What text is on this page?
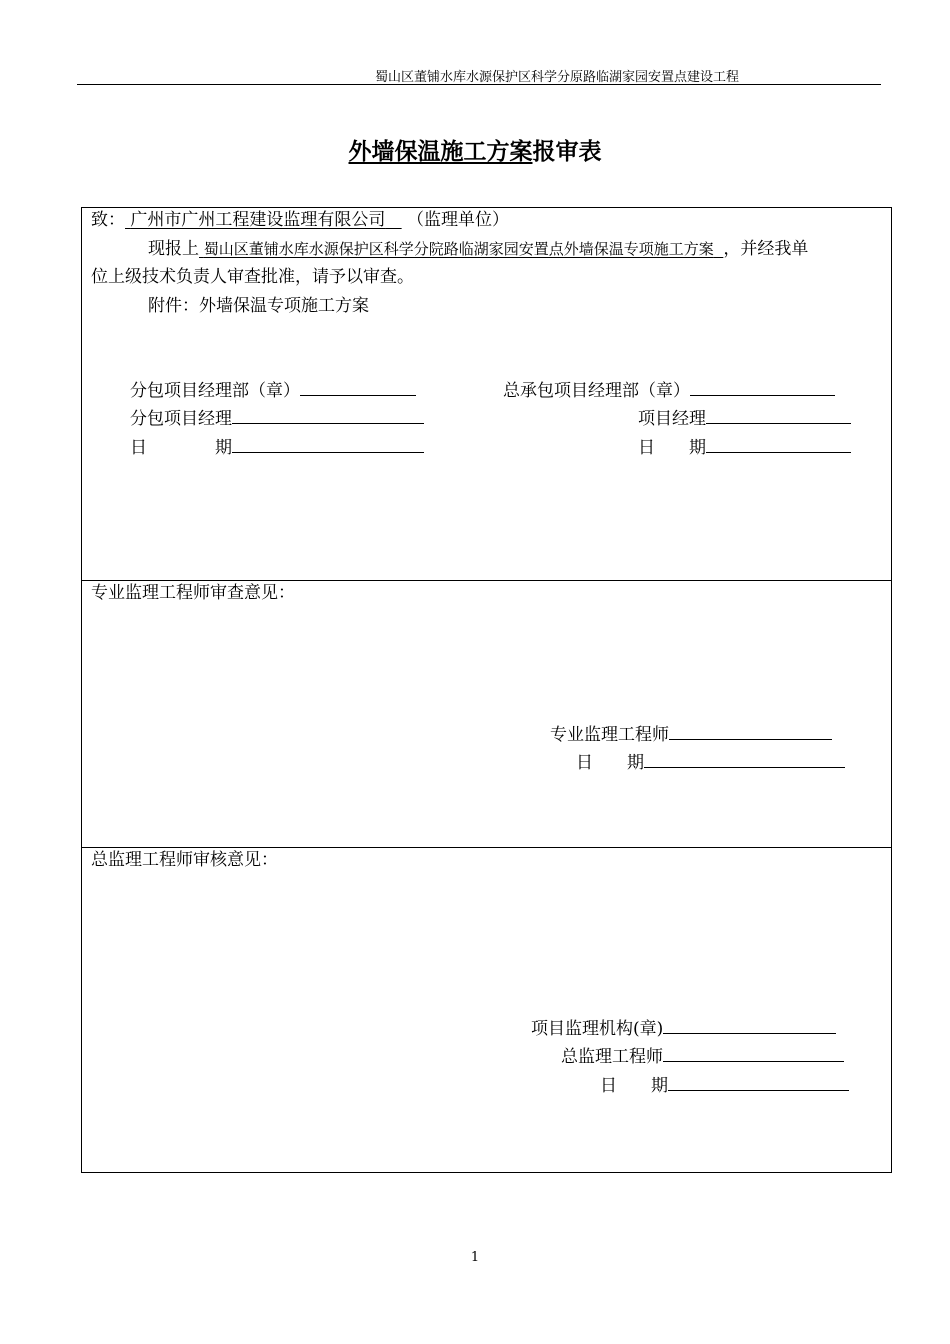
蜀山区董铺水库水源保护区科学分原路临湖家园安置点建设工程
外墙保温施工方案报审表
致： 广州市广州工程建设监理有限公司 （监理单位）
现报上 蜀山区董铺水库水源保护区科学分院路临湖家园安置点外墙保温专项施工方案 ，并经我单
位上级技术负责人审查批准，请予以审查。
附件：外墙保温专项施工方案
分包项目经理部（章）
分包项目经理
日　　　　期
总承包项目经理部（章）
项目经理
日　　期
专业监理工程师审查意见：
专业监理工程师
日　　期
总监理工程师审核意见：
项目监理机构(章)
总监理工程师
日　　期
1
